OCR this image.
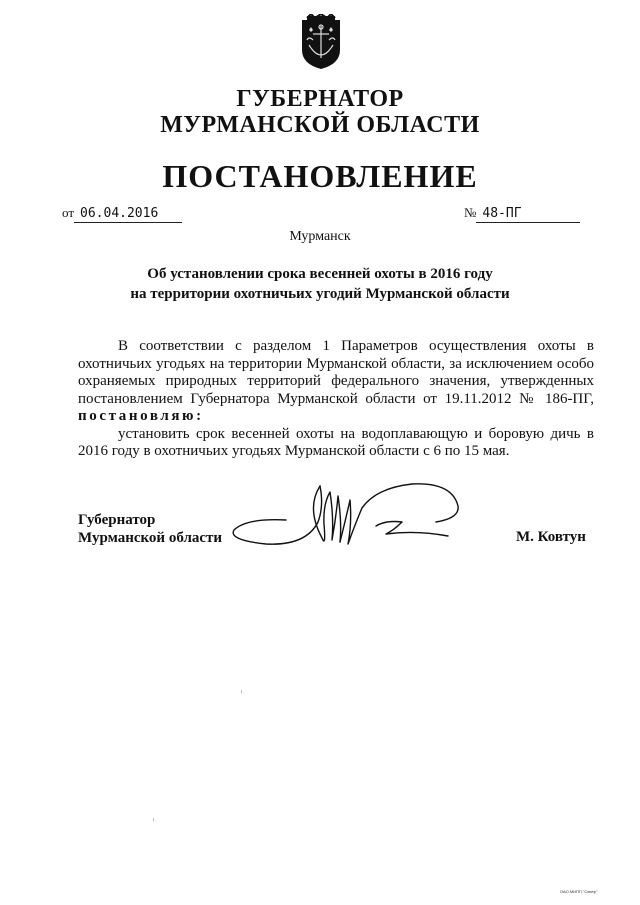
ГУБЕРНАТОР
МУРМАНСКОЙ ОБЛАСТИ
ПОСТАНОВЛЕНИЕ
от 06.04.2016	№ 48-ПГ
Мурманск
Об установлении срока весенней охоты в 2016 году
на территории охотничьих угодий Мурманской области

В соответствии с разделом 1 Параметров осуществления охоты в охотничьих угодьях на территории Мурманской области, за исключением особо охраняемых природных территорий федерального значения, утвержденных постановлением Губернатора Мурманской области от 19.11.2012 № 186-ПГ, постановляю:

установить срок весенней охоты на водоплавающую и боровую дичь в 2016 году в охотничьих угодьях Мурманской области с 6 по 15 мая.

Губернатор
Мурманской области	М. Ковтун
ОАО МИПП "Север"
